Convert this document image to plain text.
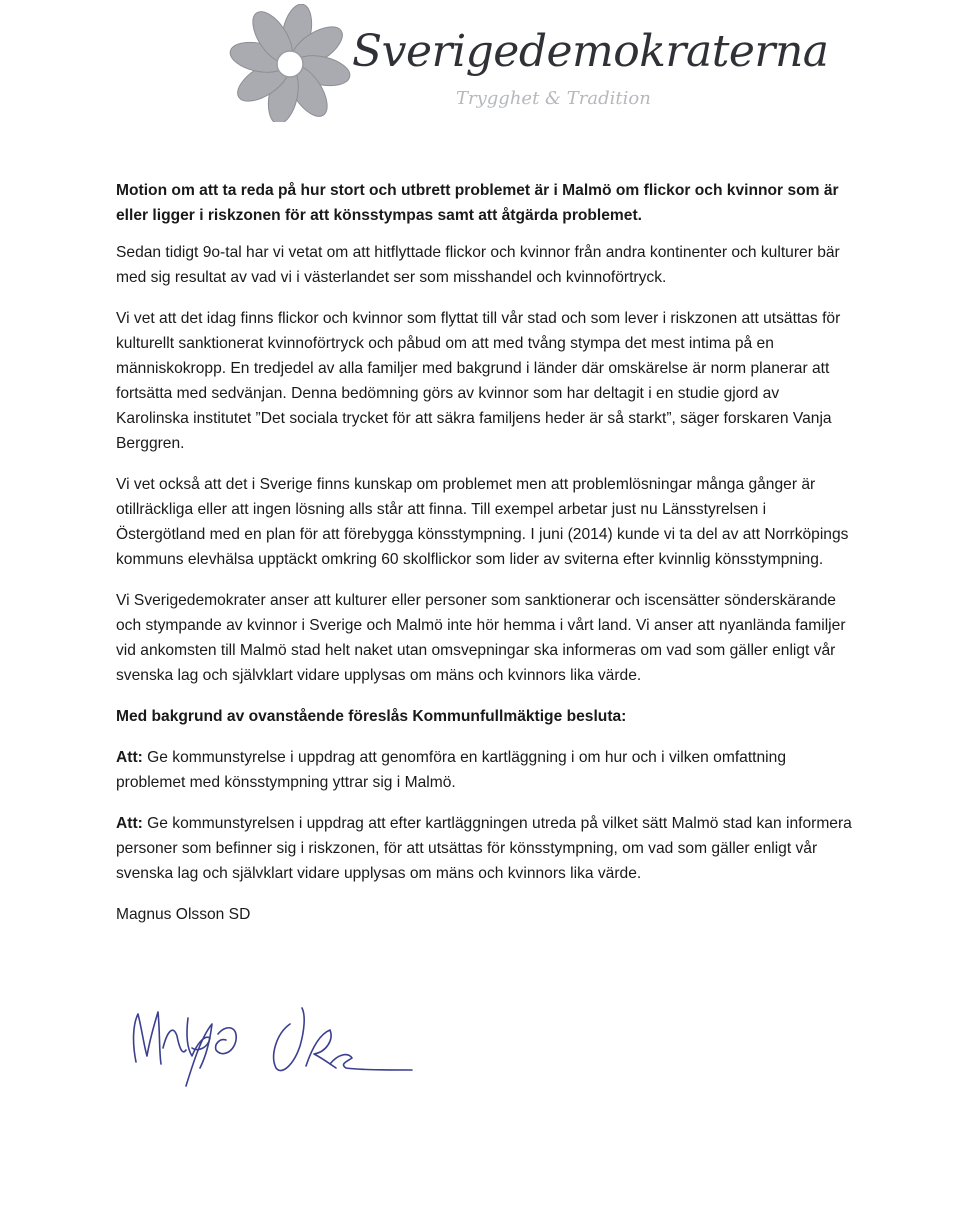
Sverigedemokraterna
Trygghet & Tradition

Motion om att ta reda på hur stort och utbrett problemet är i Malmö om flickor och kvinnor som är eller ligger i riskzonen för att könsstympas samt att åtgärda problemet.

Sedan tidigt 9o-tal har vi vetat om att hitflyttade flickor och kvinnor från andra kontinenter och kulturer bär med sig resultat av vad vi i västerlandet ser som misshandel och kvinnoförtryck.

Vi vet att det idag finns flickor och kvinnor som flyttat till vår stad och som lever i riskzonen att utsättas för kulturellt sanktionerat kvinnoförtryck och påbud om att med tvång stympa det mest intima på en människokropp. En tredjedel av alla familjer med bakgrund i länder där omskärelse är norm planerar att fortsätta med sedvänjan. Denna bedömning görs av kvinnor som har deltagit i en studie gjord av Karolinska institutet ”Det sociala trycket för att säkra familjens heder är så starkt”, säger forskaren Vanja Berggren.

Vi vet också att det i Sverige finns kunskap om problemet men att problemlösningar många gånger är otillräckliga eller att ingen lösning alls står att finna. Till exempel arbetar just nu Länsstyrelsen i Östergötland med en plan för att förebygga könsstympning. I juni (2014) kunde vi ta del av att Norrköpings kommuns elevhälsa upptäckt omkring 60 skolflickor som lider av sviterna efter kvinnlig könsstympning.

Vi Sverigedemokrater anser att kulturer eller personer som sanktionerar och iscensätter sönderskärande och stympande av kvinnor i Sverige och Malmö inte hör hemma i vårt land. Vi anser att nyanlända familjer vid ankomsten till Malmö stad helt naket utan omsvepningar ska informeras om vad som gäller enligt vår svenska lag och självklart vidare upplysas om mäns och kvinnors lika värde.

Med bakgrund av ovanstående föreslås Kommunfullmäktige besluta:

Att: Ge kommunstyrelse i uppdrag att genomföra en kartläggning i om hur och i vilken omfattning problemet med könsstympning yttrar sig i Malmö.

Att: Ge kommunstyrelsen i uppdrag att efter kartläggningen utreda på vilket sätt Malmö stad kan informera personer som befinner sig i riskzonen, för att utsättas för könsstympning, om vad som gäller enligt vår svenska lag och självklart vidare upplysas om mäns och kvinnors lika värde.

Magnus Olsson SD
